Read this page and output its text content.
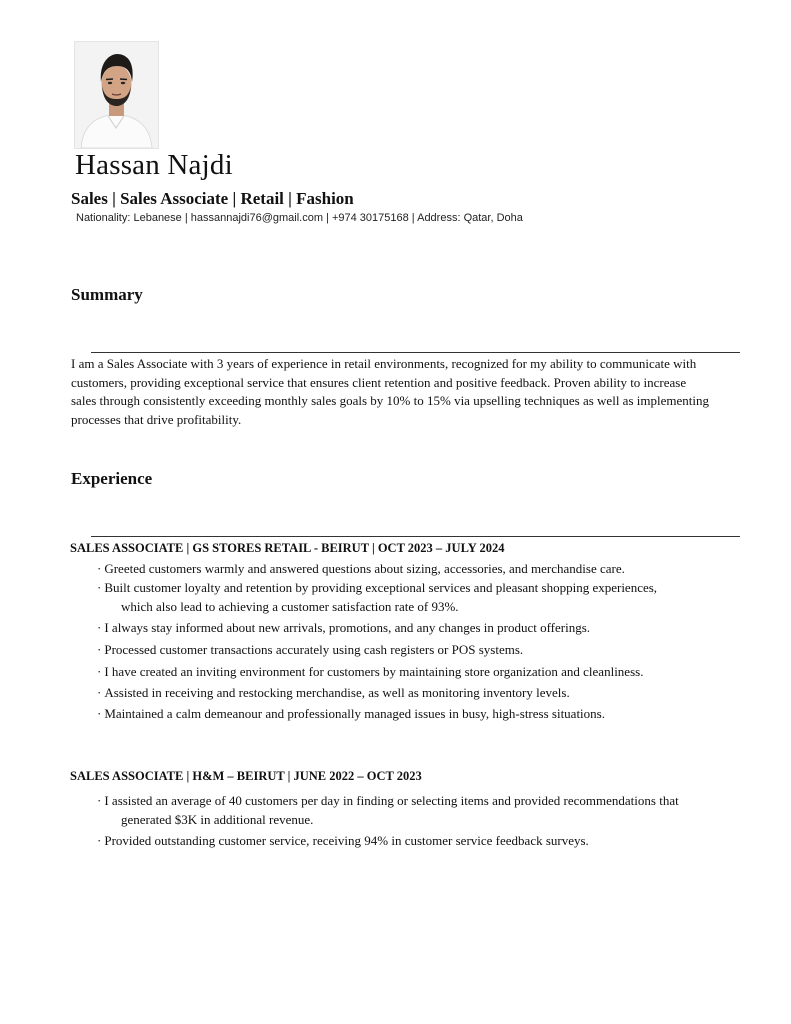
Hassan Najdi
Sales | Sales Associate | Retail | Fashion
Nationality: Lebanese | hassannajdi76@gmail.com | +974 30175168 | Address: Qatar, Doha
Summary

I am a Sales Associate with 3 years of experience in retail environments, recognized for my ability to communicate with customers, providing exceptional service that ensures client retention and positive feedback. Proven ability to increase sales through consistently exceeding monthly sales goals by 10% to 15% via upselling techniques as well as implementing processes that drive profitability.

Experience
SALES ASSOCIATE | GS STORES RETAIL - BEIRUT | OCT 2023 – JULY 2024
· Greeted customers warmly and answered questions about sizing, accessories, and merchandise care.
· Built customer loyalty and retention by providing exceptional services and pleasant shopping experiences, which also lead to achieving a customer satisfaction rate of 93%.
· I always stay informed about new arrivals, promotions, and any changes in product offerings.
· Processed customer transactions accurately using cash registers or POS systems.
· I have created an inviting environment for customers by maintaining store organization and cleanliness.
· Assisted in receiving and restocking merchandise, as well as monitoring inventory levels.
· Maintained a calm demeanour and professionally managed issues in busy, high-stress situations.
SALES ASSOCIATE | H&M – BEIRUT | JUNE 2022 – OCT 2023
· I assisted an average of 40 customers per day in finding or selecting items and provided recommendations that generated $3K in additional revenue.
· Provided outstanding customer service, receiving 94% in customer service feedback surveys.
